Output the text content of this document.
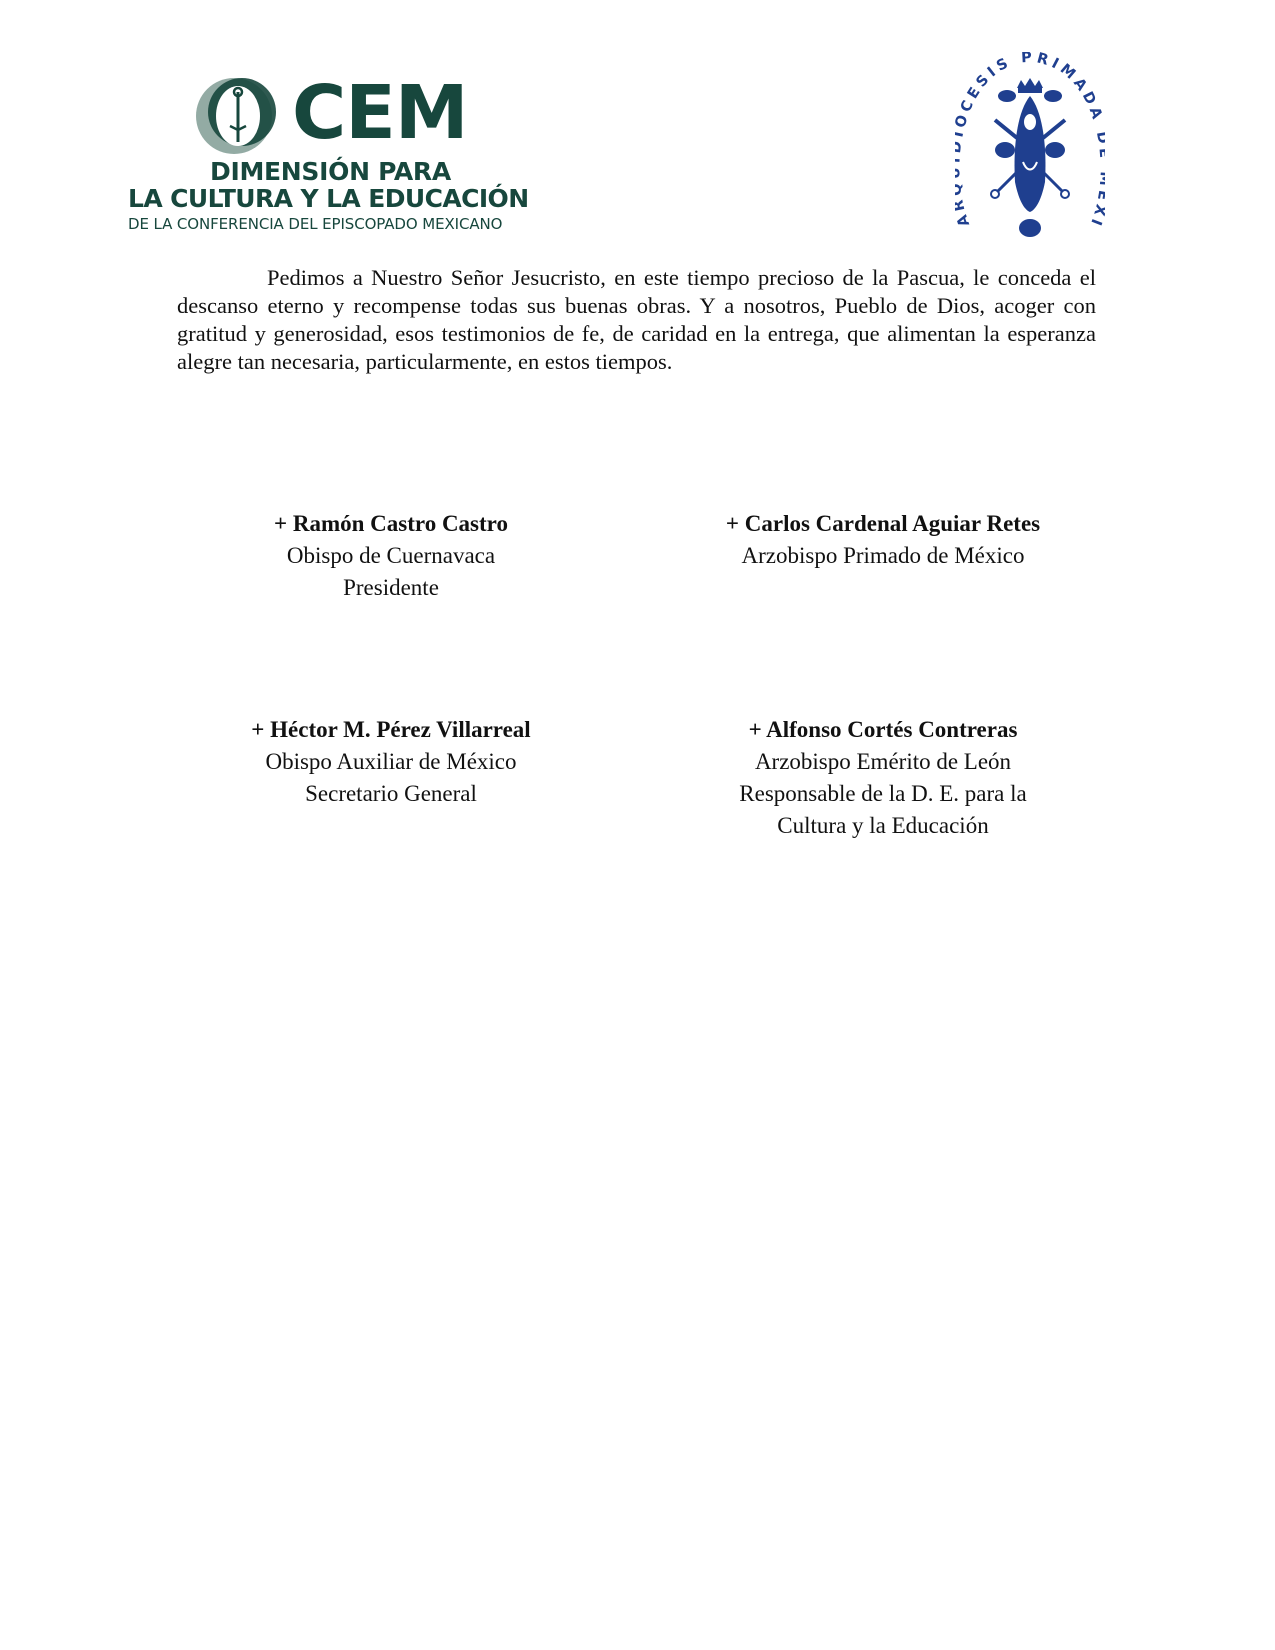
CEM
DIMENSIÓN PARA
LA CULTURA Y LA EDUCACIÓN
DE LA CONFERENCIA DEL EPISCOPADO MEXICANO	A CESIS PRIMADA I

Pedimos a Nuestro Señor Jesucristo, en este tiempo precioso de la Pascua, le conceda el descanso eterno y recompense todas sus buenas obras. Y a nosotros, Pueblo de Dios, acoger con gratitud y generosidad, esos testimonios de fe, de caridad en la entrega, que alimentan la esperanza alegre tan necesaria, particularmente, en estos tiempos.

+ Ramón Castro Castro
Obispo de Cuernavaca
Presidente
+ Carlos Cardenal Aguiar Retes
Arzobispo Primado de México
+ Héctor M. Pérez Villarreal
Obispo Auxiliar de México
Secretario General
+ Alfonso Cortés Contreras
Arzobispo Emérito de León
Responsable de la D. E. para la
Cultura y la Educación
